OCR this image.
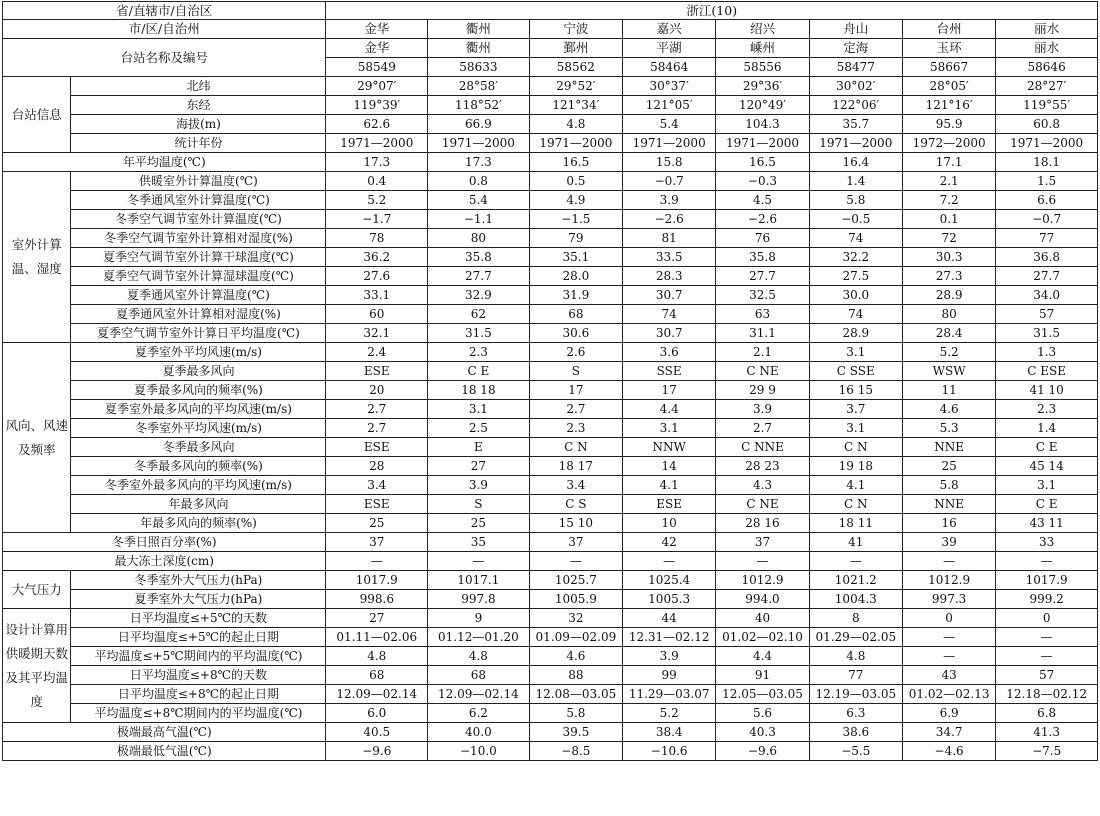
省/直辖市/自治区		浙江(10)							
市/区/自治州		金华	衢州	宁波	嘉兴	绍兴	舟山	台州	丽水
台站名称及编号		金华	衢州	鄞州	平湖	嵊州	定海	玉环	丽水
		58549	58633	58562	58464	58556	58477	58667	58646
台站信息	北纬	29°07′	28°58′	29°52′	30°37′	29°36′	30°02′	28°05′	28°27′
	东经	119°39′	118°52′	121°34′	121°05′	120°49′	122°06′	121°16′	119°55′
	海拔(m)	62.6	66.9	4.8	5.4	104.3	35.7	95.9	60.8
	统计年份	1971—2000	1971—2000	1971—2000	1971—2000	1971—2000	1971—2000	1972—2000	1971—2000
年平均温度(℃)		17.3	17.3	16.5	15.8	16.5	16.4	17.1	18.1
室外计算温、湿度	供暖室外计算温度(℃)	0.4	0.8	0.5	−0.7	−0.3	1.4	2.1	1.5
	冬季通风室外计算温度(℃)	5.2	5.4	4.9	3.9	4.5	5.8	7.2	6.6
	冬季空气调节室外计算温度(℃)	−1.7	−1.1	−1.5	−2.6	−2.6	−0.5	0.1	−0.7
	冬季空气调节室外计算相对湿度(%)	78	80	79	81	76	74	72	77
	夏季空气调节室外计算干球温度(℃)	36.2	35.8	35.1	33.5	35.8	32.2	30.3	36.8
	夏季空气调节室外计算湿球温度(℃)	27.6	27.7	28.0	28.3	27.7	27.5	27.3	27.7
	夏季通风室外计算温度(℃)	33.1	32.9	31.9	30.7	32.5	30.0	28.9	34.0
	夏季通风室外计算相对湿度(%)	60	62	68	74	63	74	80	57
	夏季空气调节室外计算日平均温度(℃)	32.1	31.5	30.6	30.7	31.1	28.9	28.4	31.5
风向、风速及频率	夏季室外平均风速(m/s)	2.4	2.3	2.6	3.6	2.1	3.1	5.2	1.3
	夏季最多风向	ESE	C E	S	SSE	C NE	C SSE	WSW	C ESE
	夏季最多风向的频率(%)	20	18 18	17	17	29 9	16 15	11	41 10
	夏季室外最多风向的平均风速(m/s)	2.7	3.1	2.7	4.4	3.9	3.7	4.6	2.3
	冬季室外平均风速(m/s)	2.7	2.5	2.3	3.1	2.7	3.1	5.3	1.4
	冬季最多风向	ESE	E	C N	NNW	C NNE	C N	NNE	C E
	冬季最多风向的频率(%)	28	27	18 17	14	28 23	19 18	25	45 14
	冬季室外最多风向的平均风速(m/s)	3.4	3.9	3.4	4.1	4.3	4.1	5.8	3.1
	年最多风向	ESE	S	C S	ESE	C NE	C N	NNE	C E
	年最多风向的频率(%)	25	25	15 10	10	28 16	18 11	16	43 11
冬季日照百分率(%)		37	35	37	42	37	41	39	33
最大冻土深度(cm)		—	—	—	—	—	—	—	—
大气压力	冬季室外大气压力(hPa)	1017.9	1017.1	1025.7	1025.4	1012.9	1021.2	1012.9	1017.9
	夏季室外大气压力(hPa)	998.6	997.8	1005.9	1005.3	994.0	1004.3	997.3	999.2
设计计算用供暖期天数及其平均温度	日平均温度≤+5℃的天数	27	9	32	44	40	8	0	0
	日平均温度≤+5℃的起止日期	01.11—02.06	01.12—01.20	01.09—02.09	12.31—02.12	01.02—02.10	01.29—02.05	—	—
	平均温度≤+5℃期间内的平均温度(℃)	4.8	4.8	4.6	3.9	4.4	4.8	—	—
	日平均温度≤+8℃的天数	68	68	88	99	91	77	43	57
	日平均温度≤+8℃的起止日期	12.09—02.14	12.09—02.14	12.08—03.05	11.29—03.07	12.05—03.05	12.19—03.05	01.02—02.13	12.18—02.12
	平均温度≤+8℃期间内的平均温度(℃)	6.0	6.2	5.8	5.2	5.6	6.3	6.9	6.8
极端最高气温(℃)		40.5	40.0	39.5	38.4	40.3	38.6	34.7	41.3
极端最低气温(℃)		−9.6	−10.0	−8.5	−10.6	−9.6	−5.5	−4.6	−7.5
